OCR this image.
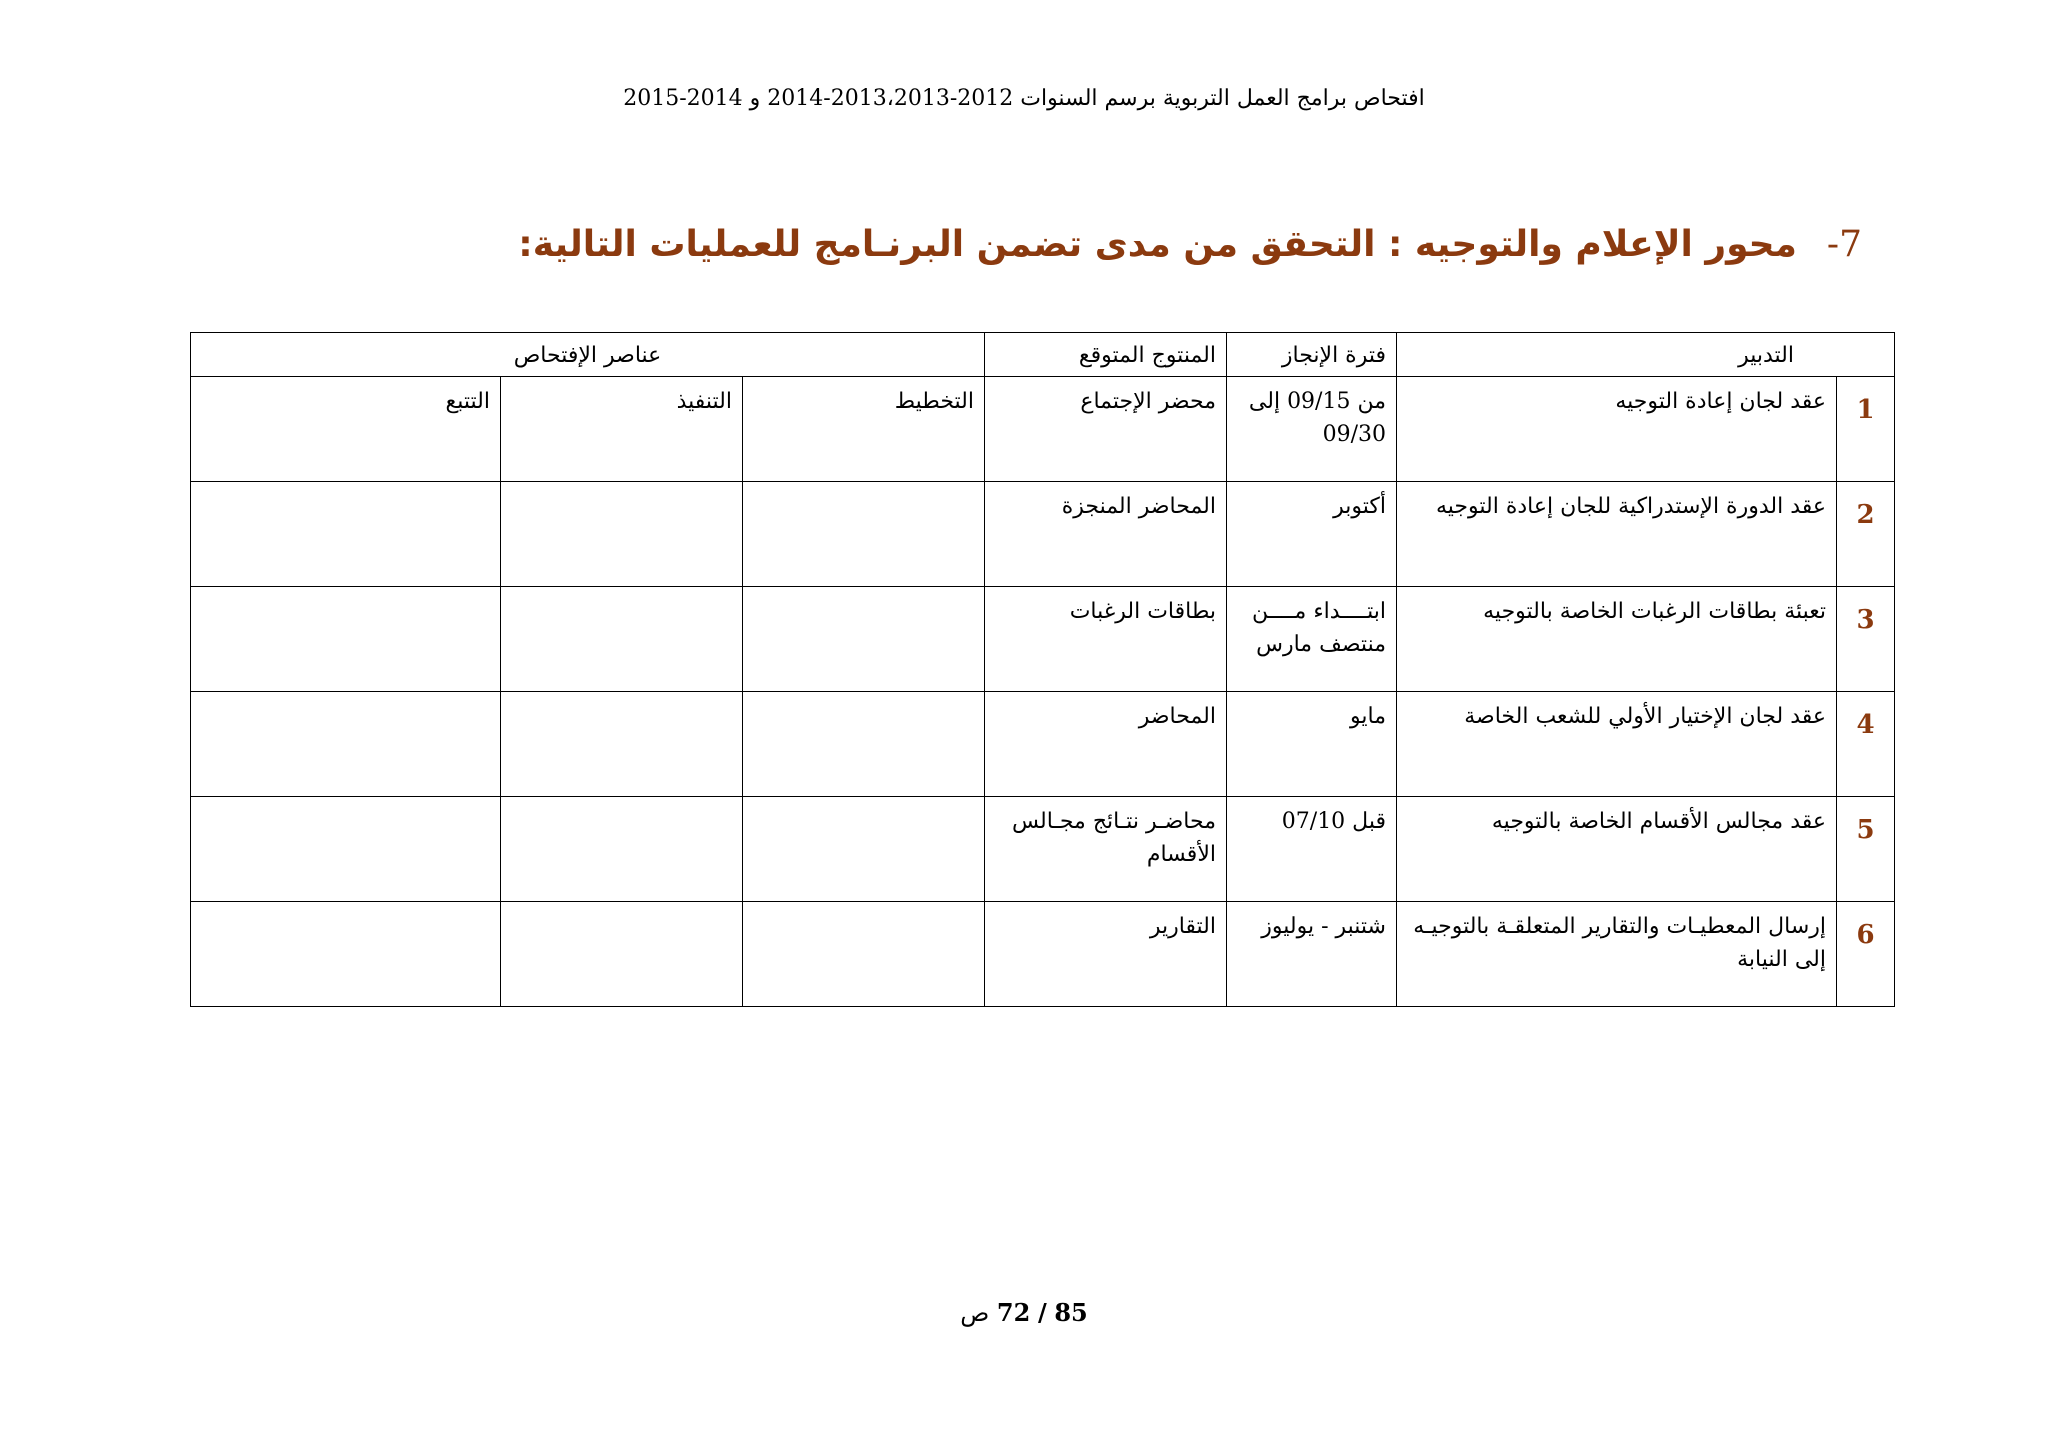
افتحاص برامج العمل التربوية برسم السنوات 2012-2013،2013-2014 و 2014-2015
7-محور الإعلام والتوجيه : التحقق من مدى تضمن البرنـامج للعمليات التالية:
التدبير		فترة الإنجاز	المنتوج المتوقع	عناصر الإفتحاص		
1	عقد لجان إعادة التوجيه	من 09/15 إلى 09/30	محضر الإجتماع	التخطيط	التنفيذ	التتبع
2	عقد الدورة الإستدراكية للجان إعادة التوجيه	أكتوبر	المحاضر المنجزة			
3	تعبئة بطاقات الرغبات الخاصة بالتوجيه	ابتــــداء مــــن منتصف مارس	بطاقات الرغبات			
4	عقد لجان الإختيار الأولي للشعب الخاصة	مايو	المحاضر			
5	عقد مجالس الأقسام الخاصة بالتوجيه	قبل 07/10	محاضـر نتـائج مجـالس الأقسام			
6	إرسال المعطيـات والتقارير المتعلقـة بالتوجيـه إلى النيابة	شتنبر - يوليوز	التقارير			
85 / 72 ص
